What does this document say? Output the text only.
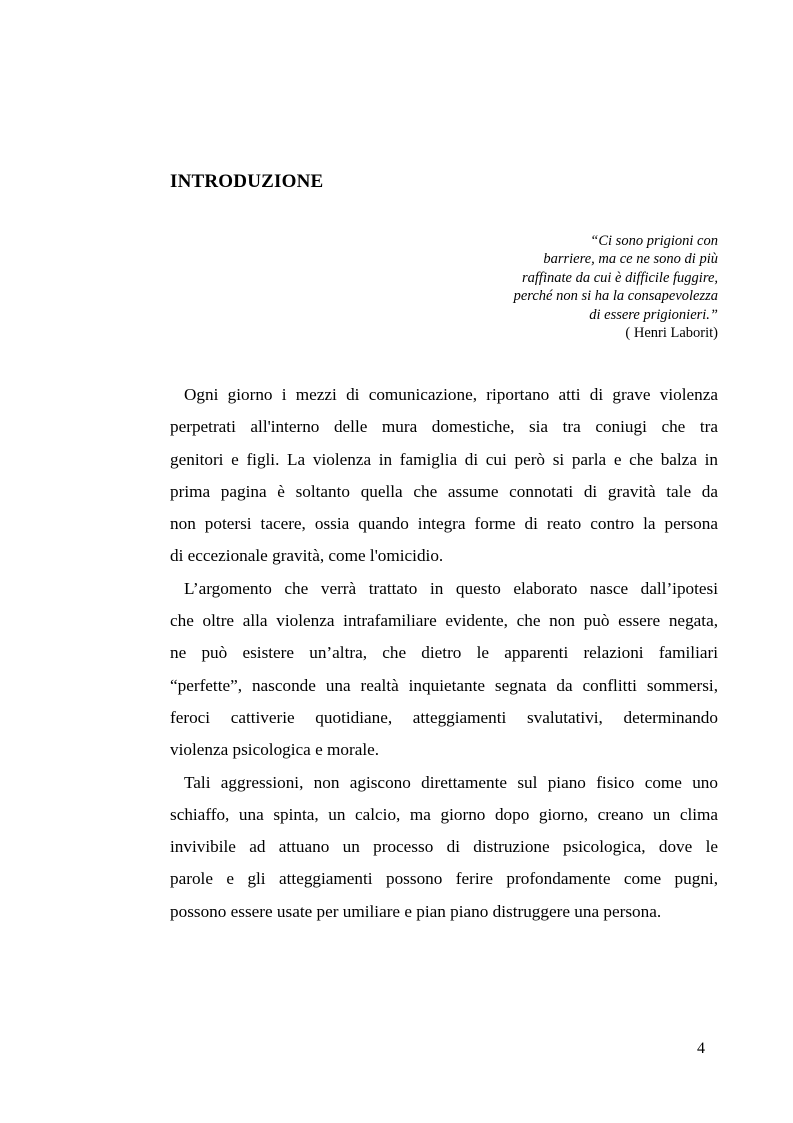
INTRODUZIONE
“Ci sono prigioni con
barriere, ma ce ne sono di più
raffinate da cui è difficile fuggire,
perché non si ha la consapevolezza
di essere prigionieri.”
( Henri Laborit)
Ogni giorno i mezzi di comunicazione, riportano atti di grave violenza
perpetrati all'interno delle mura domestiche, sia tra coniugi che tra
genitori e figli. La violenza in famiglia di cui però si parla e che balza in
prima pagina è soltanto quella che assume connotati di gravità tale da
non potersi tacere, ossia quando integra forme di reato contro la persona
di eccezionale gravità, come l'omicidio.
L’argomento che verrà trattato in questo elaborato nasce dall’ipotesi
che oltre alla violenza intrafamiliare evidente, che non può essere negata,
ne può esistere un’altra, che dietro le apparenti relazioni familiari
“perfette”, nasconde una realtà inquietante segnata da conflitti sommersi,
feroci cattiverie quotidiane, atteggiamenti svalutativi, determinando
violenza psicologica e morale.
Tali aggressioni, non agiscono direttamente sul piano fisico come uno
schiaffo, una spinta, un calcio, ma giorno dopo giorno, creano un clima
invivibile ad attuano un processo di distruzione psicologica, dove le
parole e gli atteggiamenti possono ferire profondamente come pugni,
possono essere usate per umiliare e pian piano distruggere una persona.
4
